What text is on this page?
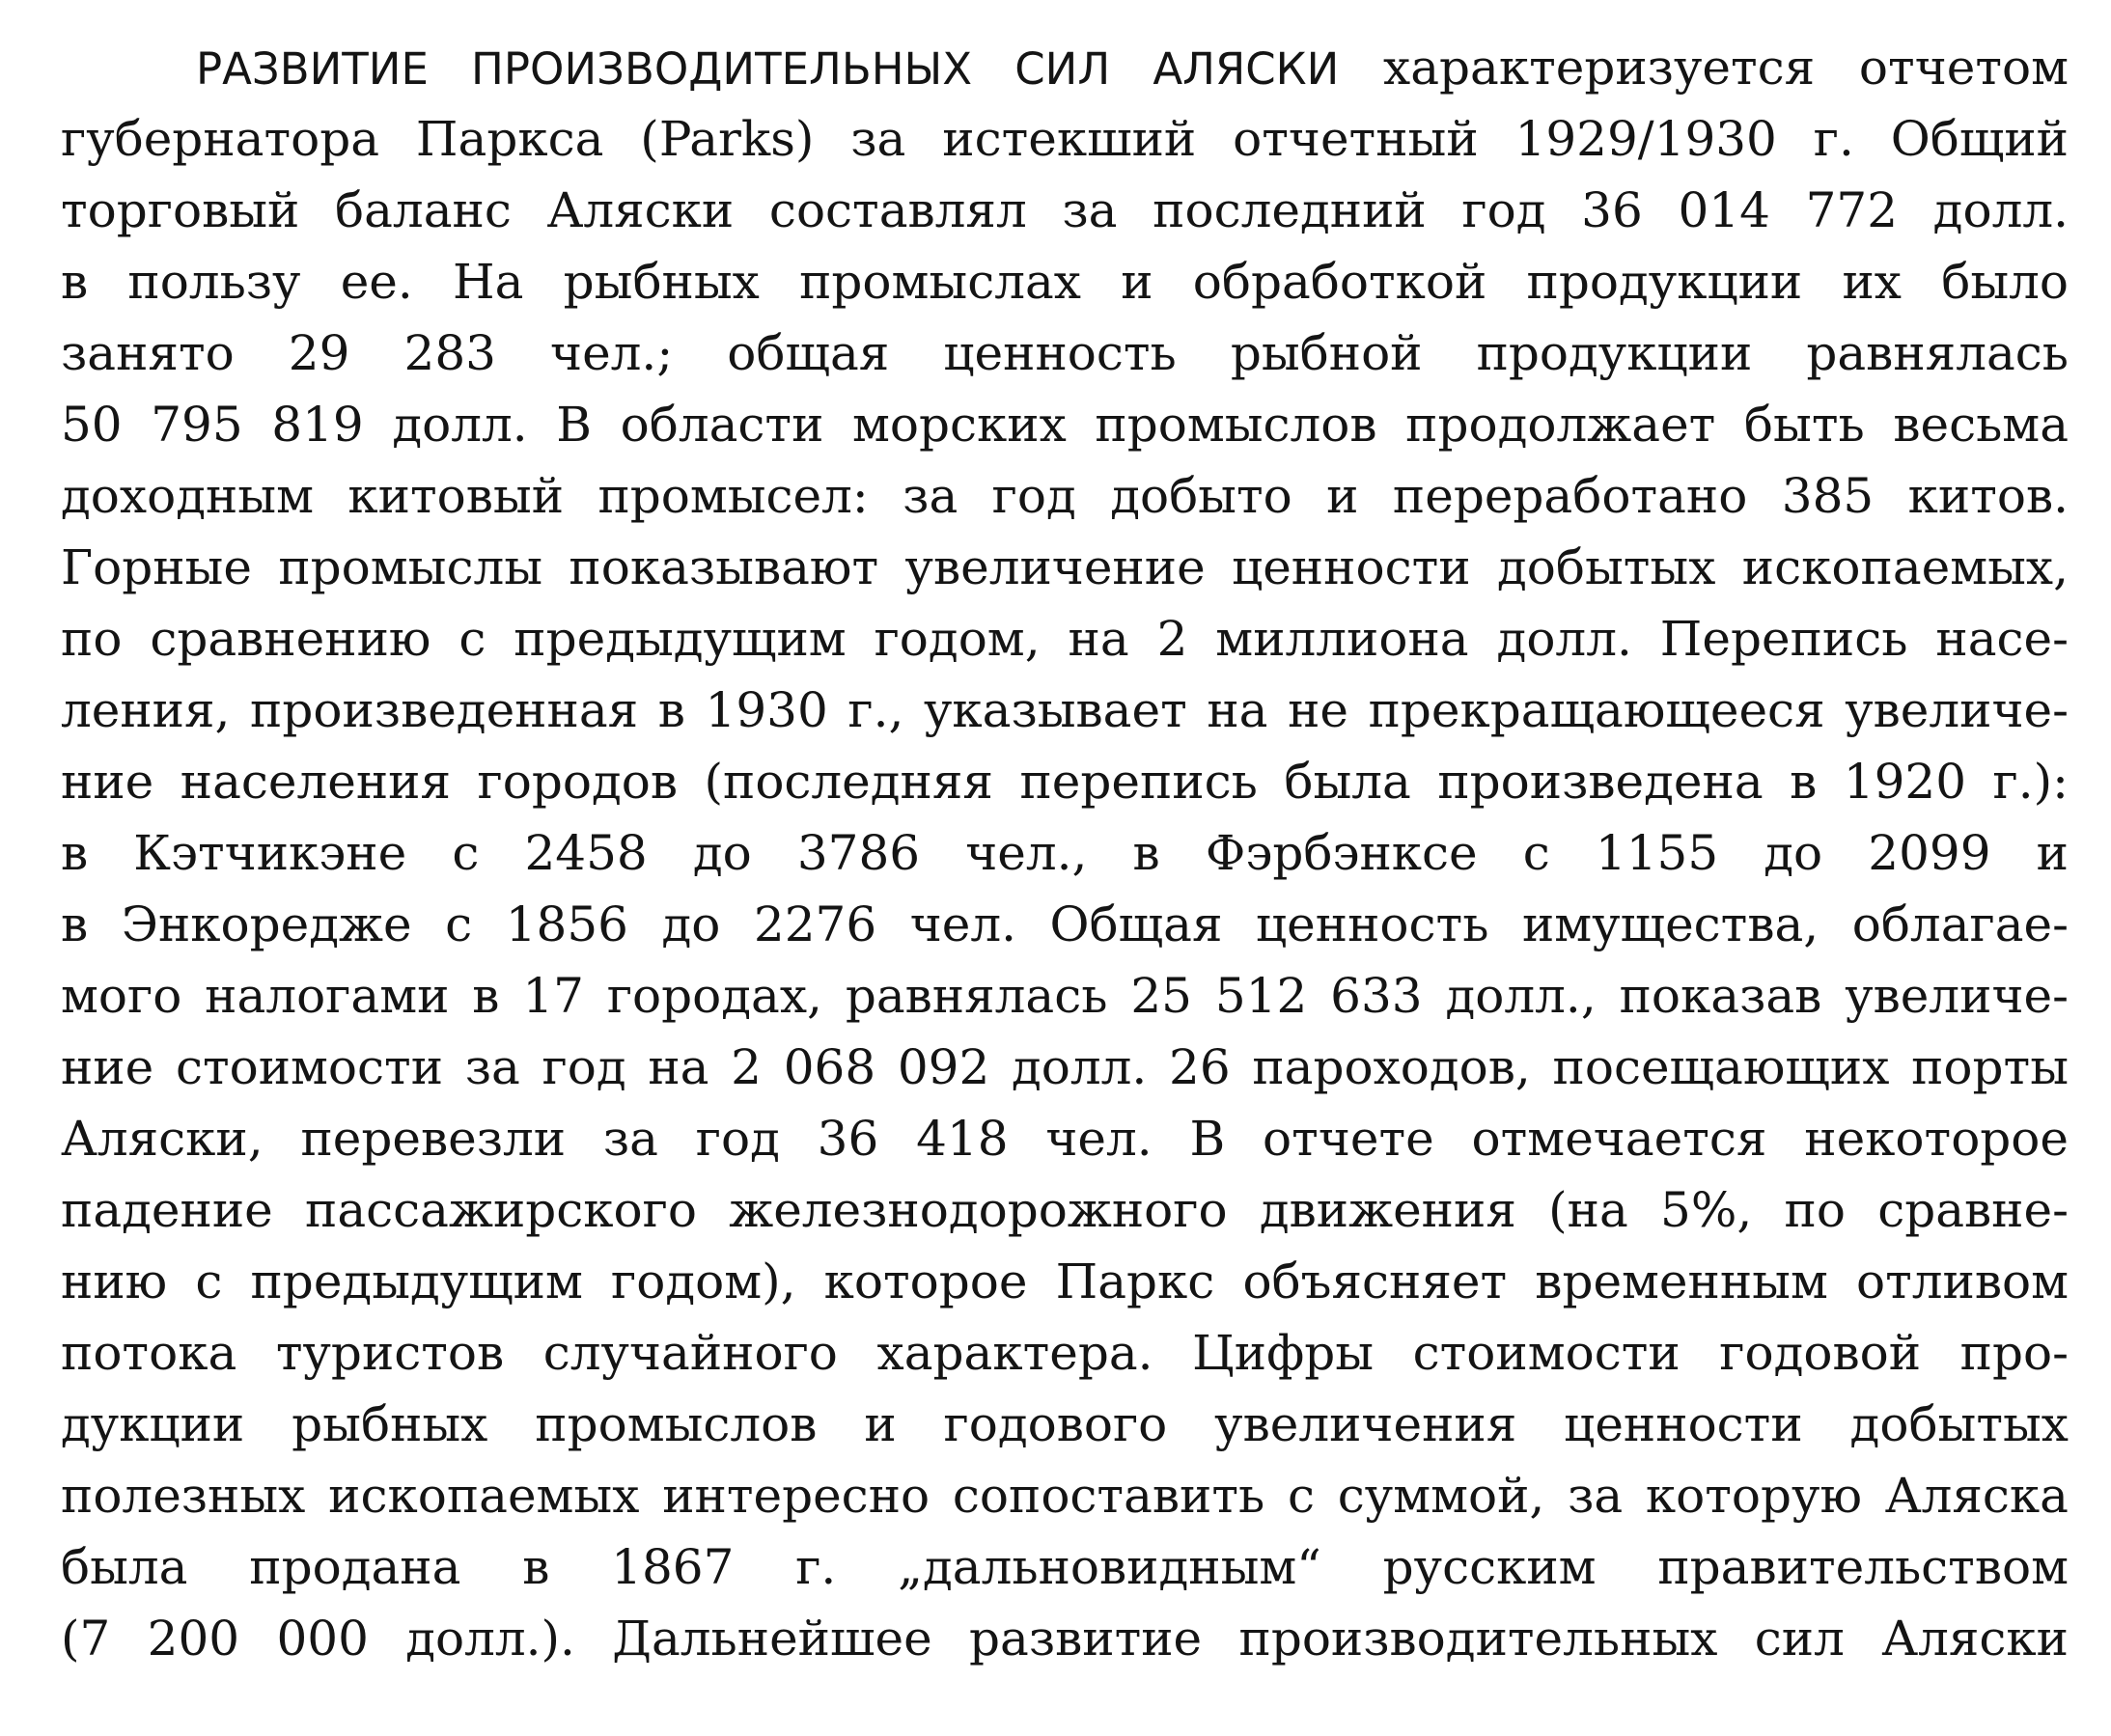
РАЗВИТИЕ ПРОИЗВОДИТЕЛЬНЫХ СИЛ АЛЯСКИ характеризуется отчетом
губернатора Паркса (Parks) за истекший отчетный 1929/1930 г. Общий
торговый баланс Аляски составлял за последний год 36 014 772 долл.
в пользу ее. На рыбных промыслах и обработкой продукции их было
занято 29 283 чел.; общая ценность рыбной продукции равнялась
50 795 819 долл. В области морских промыслов продолжает быть весьма
доходным китовый промысел: за год добыто и переработано 385 китов.
Горные промыслы показывают увеличение ценности добытых ископаемых,
по сравнению с предыдущим годом, на 2 миллиона долл. Перепись насе-
ления, произведенная в 1930 г., указывает на не прекращающееся увеличе-
ние населения городов (последняя перепись была произведена в 1920 г.):
в Кэтчикэне с 2458 до 3786 чел., в Фэрбэнксе с 1155 до 2099 и
в Энкоредже с 1856 до 2276 чел. Общая ценность имущества, облагае-
мого налогами в 17 городах, равнялась 25 512 633 долл., показав увеличе-
ние стоимости за год на 2 068 092 долл. 26 пароходов, посещающих порты
Аляски, перевезли за год 36 418 чел. В отчете отмечается некоторое
падение пассажирского железнодорожного движения (на 5%, по сравне-
нию с предыдущим годом), которое Паркс объясняет временным отливом
потока туристов случайного характера. Цифры стоимости годовой про-
дукции рыбных промыслов и годового увеличения ценности добытых
полезных ископаемых интересно сопоставить с суммой, за которую Аляска
была продана в 1867 г. „дальновидным“ русским правительством
(7 200 000 долл.). Дальнейшее развитие производительных сил Аляски
